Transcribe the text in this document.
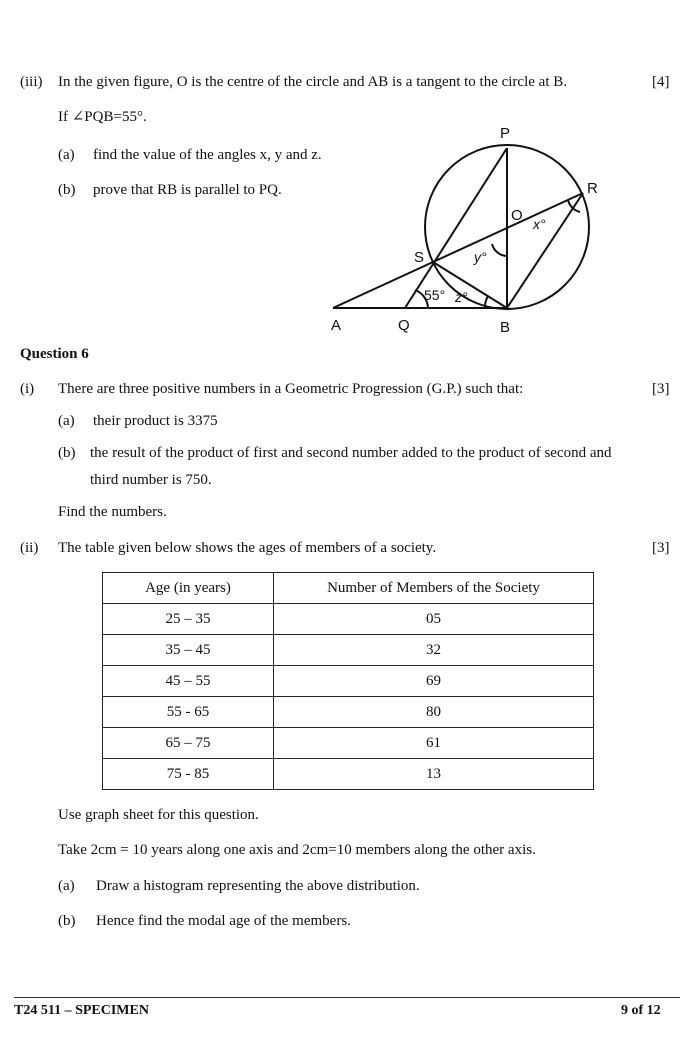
(iii) In the given figure, O is the centre of the circle and AB is a tangent to the circle at B.	[4]
If ∠PQB=55°.
(a) find the value of the angles x, y and z.
(b) prove that RB is parallel to PQ.
P
R
O
S
A	Q	B
x°
y°
z°
55°
Question 6
(i) There are three positive numbers in a Geometric Progression (G.P.) such that:	[3]
(a) their product is 3375
(b) the result of the product of first and second number added to the product of second and
third number is 750.
Find the numbers.
(ii) The table given below shows the ages of members of a society.	[3]
Age (in years)	Number of Members of the Society
25 – 35	05
35 – 45	32
45 – 55	69
55 - 65	80
65 – 75	61
75 - 85	13
Use graph sheet for this question.
Take 2cm = 10 years along one axis and 2cm=10 members along the other axis.
(a) Draw a histogram representing the above distribution.
(b) Hence find the modal age of the members.
T24 511 – SPECIMEN	9 of 12
